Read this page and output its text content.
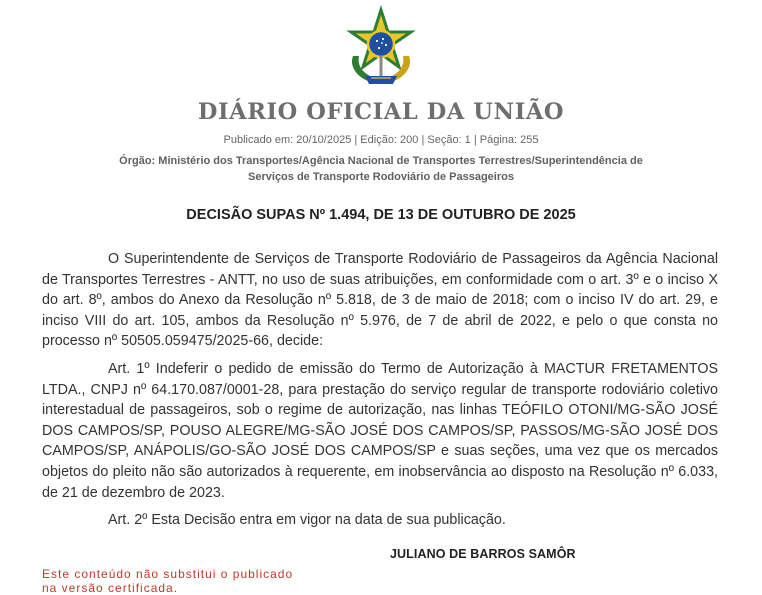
DIÁRIO OFICIAL DA UNIÃO
Publicado em: 20/10/2025 | Edição: 200 | Seção: 1 | Página: 255
Órgão: Ministério dos Transportes/Agência Nacional de Transportes Terrestres/Superintendência de Serviços de Transporte Rodoviário de Passageiros
DECISÃO SUPAS Nº 1.494, DE 13 DE OUTUBRO DE 2025

O Superintendente de Serviços de Transporte Rodoviário de Passageiros da Agência Nacional de Transportes Terrestres - ANTT, no uso de suas atribuições, em conformidade com o art. 3º e o inciso X do art. 8º, ambos do Anexo da Resolução nº 5.818, de 3 de maio de 2018; com o inciso IV do art. 29, e inciso VIII do art. 105, ambos da Resolução nº 5.976, de 7 de abril de 2022, e pelo o que consta no processo nº 50505.059475/2025-66, decide:

Art. 1º Indeferir o pedido de emissão do Termo de Autorização à MACTUR FRETAMENTOS LTDA., CNPJ nº 64.170.087/0001-28, para prestação do serviço regular de transporte rodoviário coletivo interestadual de passageiros, sob o regime de autorização, nas linhas TEÓFILO OTONI/MG-SÃO JOSÉ DOS CAMPOS/SP, POUSO ALEGRE/MG-SÃO JOSÉ DOS CAMPOS/SP, PASSOS/MG-SÃO JOSÉ DOS CAMPOS/SP, ANÁPOLIS/GO-SÃO JOSÉ DOS CAMPOS/SP e suas seções, uma vez que os mercados objetos do pleito não são autorizados à requerente, em inobservância ao disposto na Resolução nº 6.033, de 21 de dezembro de 2023.

Art. 2º Esta Decisão entra em vigor na data de sua publicação.

JULIANO DE BARROS SAMÔR
Este conteúdo não substitui o publicado na versão certificada.
